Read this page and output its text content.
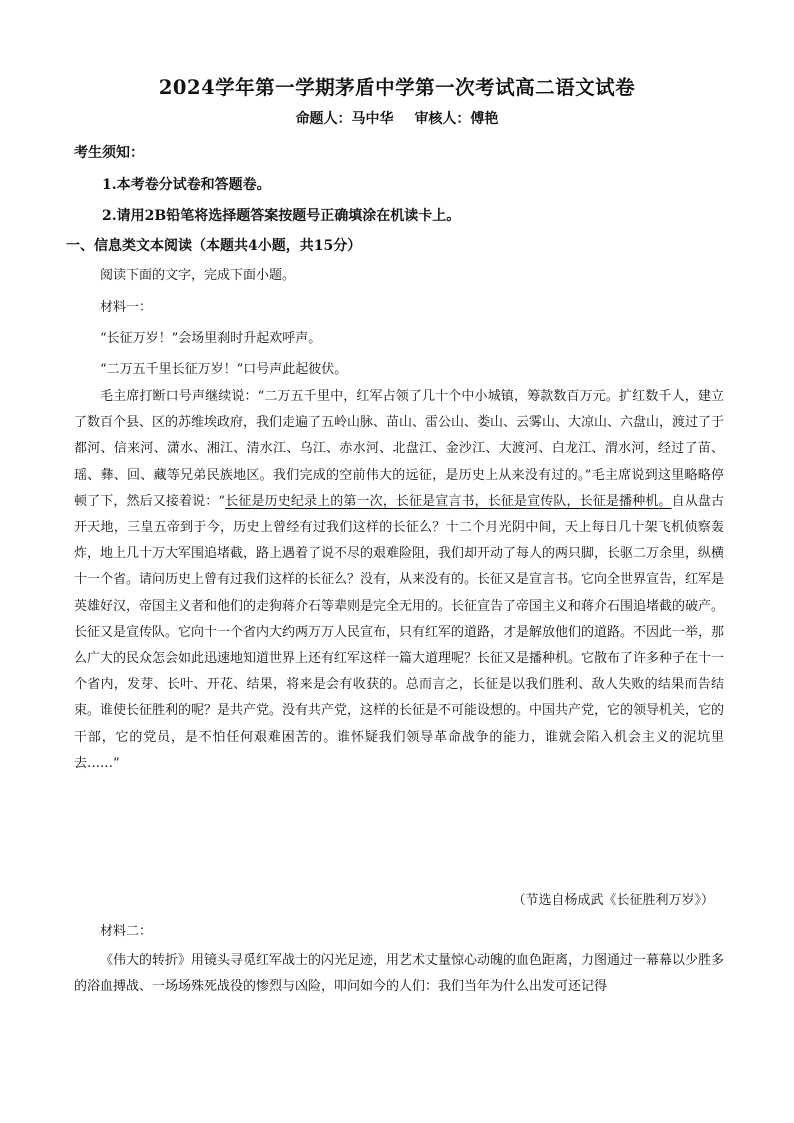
2024学年第一学期茅盾中学第一次考试高二语文试卷
命题人：马中华 审核人：傅艳
考生须知：
1.本考卷分试卷和答题卷。
2.请用2B铅笔将选择题答案按题号正确填涂在机读卡上。
一、信息类文本阅读（本题共4小题，共15分）
阅读下面的文字，完成下面小题。
材料一：
“长征万岁！”会场里刹时升起欢呼声。
“二万五千里长征万岁！”口号声此起彼伏。
毛主席打断口号声继续说：“二万五千里中，红军占领了几十个中小城镇，筹款数百万元。扩红数千人，建立了数百个县、区的苏维埃政府，我们走遍了五岭山脉、苗山、雷公山、娄山、云雾山、大凉山、六盘山，渡过了于都河、信来河、潇水、湘江、清水江、乌江、赤水河、北盘江、金沙江、大渡河、白龙江、渭水河，经过了苗、瑶、彝、回、藏等兄弟民族地区。我们完成的空前伟大的远征，是历史上从来没有过的。”毛主席说到这里略略停顿了下，然后又接着说：“长征是历史纪录上的第一次，长征是宣言书，长征是宣传队，长征是播种机。自从盘古开天地，三皇五帝到于今，历史上曾经有过我们这样的长征么？十二个月光阴中间，天上每日几十架飞机侦察轰炸，地上几十万大军围追堵截，路上遇着了说不尽的艰难险阻，我们却开动了每人的两只脚，长驱二万余里，纵横十一个省。请问历史上曾有过我们这样的长征么？没有，从来没有的。长征又是宣言书。它向全世界宣告，红军是英雄好汉，帝国主义者和他们的走狗蒋介石等辈则是完全无用的。长征宣告了帝国主义和蒋介石围追堵截的破产。长征又是宣传队。它向十一个省内大约两万万人民宣布，只有红军的道路，才是解放他们的道路。不因此一举，那么广大的民众怎会如此迅速地知道世界上还有红军这样一篇大道理呢？长征又是播种机。它散布了许多种子在十一个省内，发芽、长叶、开花、结果，将来是会有收获的。总而言之，长征是以我们胜利、敌人失败的结果而告结束。谁使长征胜利的呢？是共产党。没有共产党，这样的长征是不可能设想的。中国共产党，它的领导机关，它的干部，它的党员，是不怕任何艰难困苦的。谁怀疑我们领导革命战争的能力，谁就会陷入机会主义的泥坑里去……”
（节选自杨成武《长征胜利万岁》）
材料二：
《伟大的转折》用镜头寻觅红军战士的闪光足迹，用艺术丈量惊心动魄的血色距离，力图通过一幕幕以少胜多的浴血搏战、一场场殊死战役的惨烈与凶险，叩问如今的人们：我们当年为什么出发可还记得
